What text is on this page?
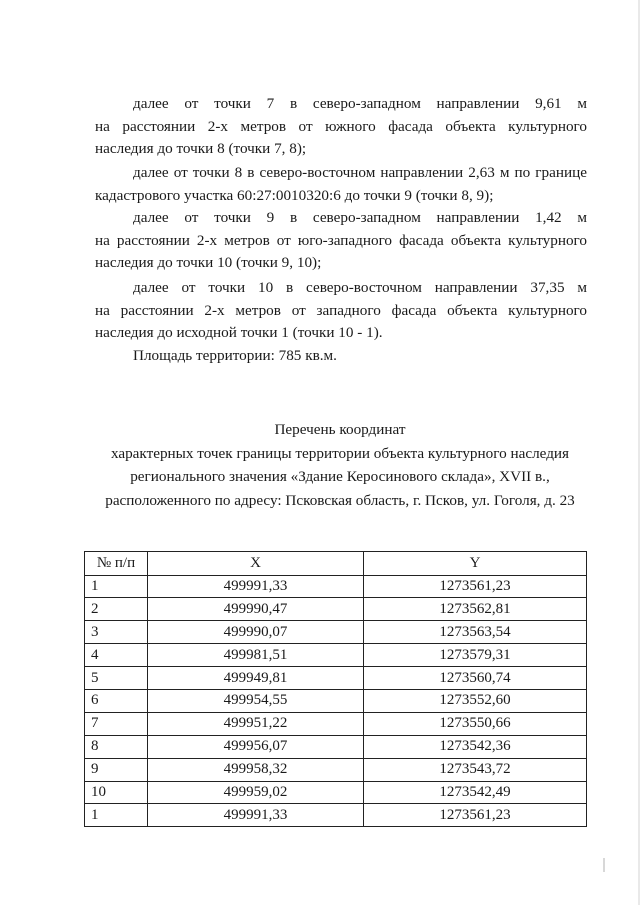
далее от точки 7 в северо-западном направлении 9,61 м
на расстоянии 2-х метров от южного фасада объекта культурного
наследия до точки 8 (точки 7, 8);
далее от точки 8 в северо-восточном направлении 2,63 м по границе
кадастрового участка 60:27:0010320:6 до точки 9 (точки 8, 9);
далее от точки 9 в северо-западном направлении 1,42 м
на расстоянии 2-х метров от юго-западного фасада объекта культурного
наследия до точки 10 (точки 9, 10);
далее от точки 10 в северо-восточном направлении 37,35 м
на расстоянии 2-х метров от западного фасада объекта культурного
наследия до исходной точки 1 (точки 10 - 1).
Площадь территории: 785 кв.м.
Перечень координат
характерных точек границы территории объекта культурного наследия
регионального значения «Здание Керосинового склада», XVII в.,
расположенного по адресу: Псковская область, г. Псков, ул. Гоголя, д. 23
№ п/п	X	Y
1	499991,33	1273561,23
2	499990,47	1273562,81
3	499990,07	1273563,54
4	499981,51	1273579,31
5	499949,81	1273560,74
6	499954,55	1273552,60
7	499951,22	1273550,66
8	499956,07	1273542,36
9	499958,32	1273543,72
10	499959,02	1273542,49
1	499991,33	1273561,23
